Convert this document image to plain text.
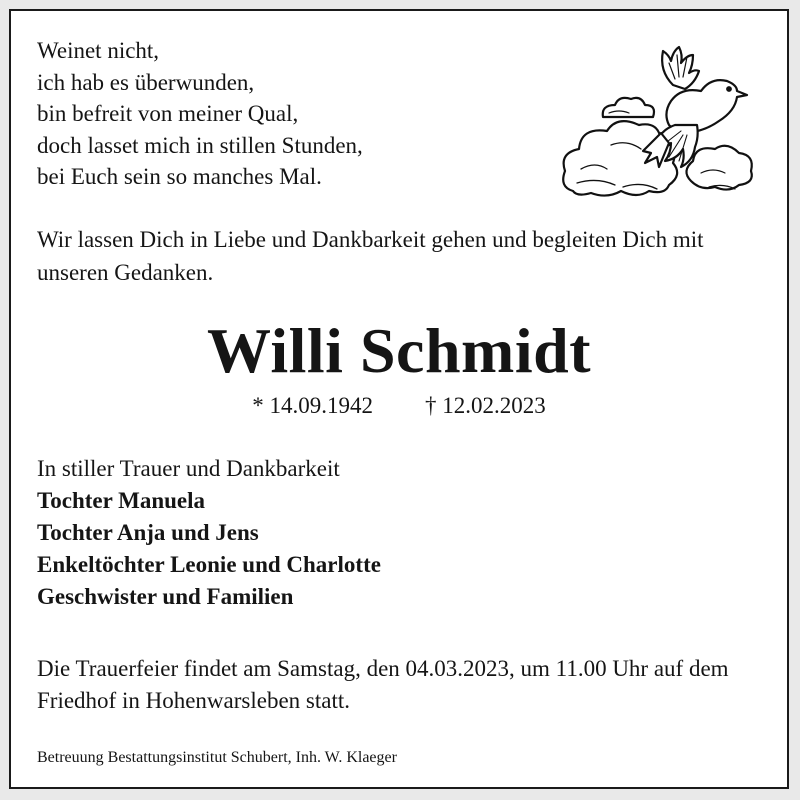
Weinet nicht,
ich hab es überwunden,
bin befreit von meiner Qual,
doch lasset mich in stillen Stunden,
bei Euch sein so manches Mal.
Wir lassen Dich in Liebe und Dankbarkeit gehen und begleiten Dich mit unseren Gedanken.
Willi Schmidt
* 14.09.1942 † 12.02.2023
In stiller Trauer und Dankbarkeit
Tochter Manuela
Tochter Anja und Jens
Enkeltöchter Leonie und Charlotte
Geschwister und Familien
Die Trauerfeier findet am Samstag, den 04.03.2023, um 11.00 Uhr auf dem Friedhof in Hohenwarsleben statt.
Betreuung Bestattungsinstitut Schubert, Inh. W. Klaeger
